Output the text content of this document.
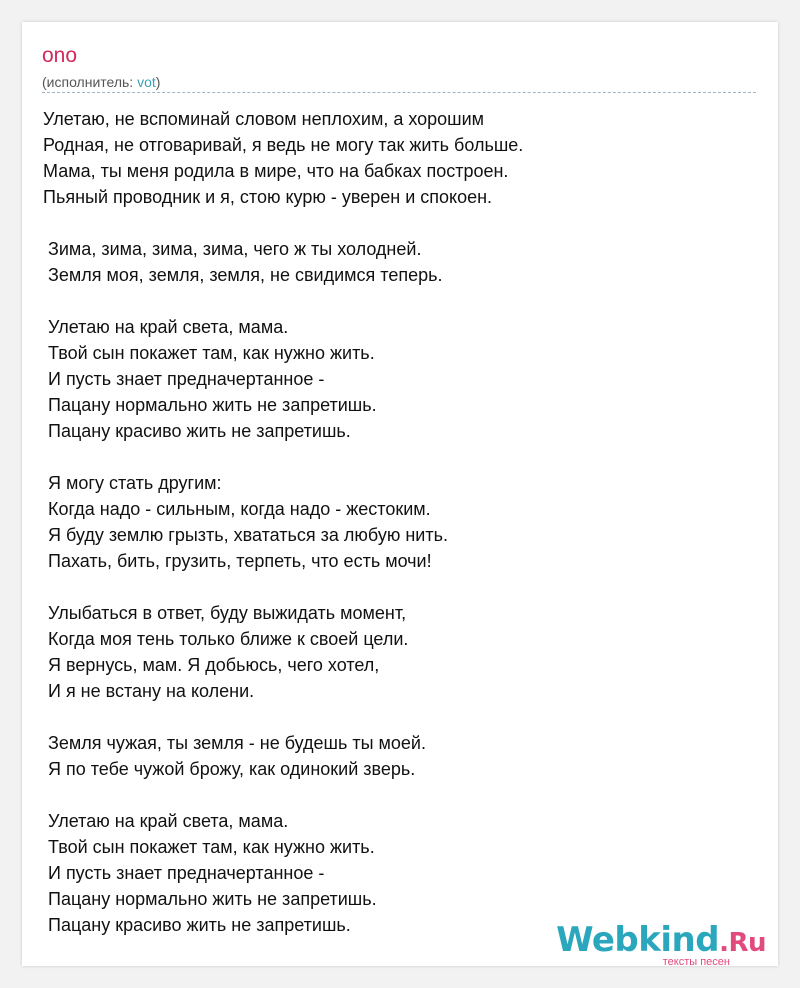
ono
(исполнитель: vot)
Улетаю, не вспоминай словом неплохим, а хорошим
Родная, не отговаривай, я ведь не могу так жить больше.
Мама, ты меня родила в мире, что на бабках построен.
Пьяный проводник и я, стою курю - уверен и спокоен.
Зима, зима, зима, зима, чего ж ты холодней.
Земля моя, земля, земля, не свидимся теперь.
Улетаю на край света, мама.
Твой сын покажет там, как нужно жить.
И пусть знает предначертанное -
Пацану нормально жить не запретишь.
Пацану красиво жить не запретишь.
Я могу стать другим:
Когда надо - сильным, когда надо - жестоким.
Я буду землю грызть, хвататься за любую нить.
Пахать, бить, грузить, терпеть, что есть мочи!
Улыбаться в ответ, буду выжидать момент,
Когда моя тень только ближе к своей цели.
Я вернусь, мам. Я добьюсь, чего хотел,
И я не встану на колени.
Земля чужая, ты земля - не будешь ты моей.
Я по тебе чужой брожу, как одинокий зверь.
Улетаю на край света, мама.
Твой сын покажет там, как нужно жить.
И пусть знает предначертанное -
Пацану нормально жить не запретишь.
Пацану красиво жить не запретишь.	Webkind.Ru
тексты песен
